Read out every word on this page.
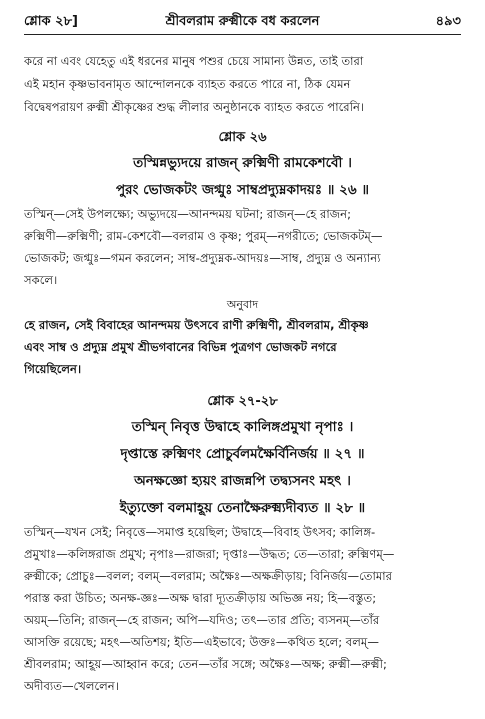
শ্লোক ২৮]	শ্রীবলরাম রুক্মীকে বধ করলেন	৪৯৩
করে না এবং যেহেতু এই ধরনের মানুষ পশুর চেয়ে সামান্য উন্নত, তাই তারা
এই মহান কৃষ্ণভাবনামৃত আন্দোলনকে ব্যাহত করতে পারে না, ঠিক যেমন
বিদ্বেষপরায়ণ রুক্মী শ্রীকৃষ্ণের শুদ্ধ লীলার অনুষ্ঠানকে ব্যাহত করতে পারেনি।
শ্লোক ২৬
তস্মিন্নভ্যুদয়ে রাজন্ রুক্মিণী রামকেশবৌ ।
পুরং ভোজকটং জগ্মুঃ সাম্বপ্রদ্যুম্নকাদয়ঃ ॥ ২৬ ॥
তস্মিন্—সেই উপলক্ষ্যে; অভ্যুদয়ে—আনন্দময় ঘটনা; রাজন্—হে রাজন;
রুক্মিণী—রুক্মিণী; রাম-কেশবৌ—বলরাম ও কৃষ্ণ; পুরম্—নগরীতে; ভোজকটম্—
ভোজকট; জগ্মুঃ—গমন করলেন; সাম্ব-প্রদ্যুম্নক-আদয়ঃ—সাম্ব, প্রদ্যুম্ন ও অন্যান্য
সকলে।
অনুবাদ
হে রাজন, সেই বিবাহের আনন্দময় উৎসবে রাণী রুক্মিণী, শ্রীবলরাম, শ্রীকৃষ্ণ
এবং সাম্ব ও প্রদ্যুম্ন প্রমুখ শ্রীভগবানের বিভিন্ন পুত্রগণ ভোজকট নগরে
গিয়েছিলেন।
শ্লোক ২৭-২৮
তস্মিন্ নিবৃত্ত উদ্বাহে কালিঙ্গপ্রমুখা নৃপাঃ ।
দৃপ্তাস্তে রুক্মিণং প্রোচুর্বলমক্ষৈর্বিনির্জয় ॥ ২৭ ॥
অনক্ষজ্ঞো হ্যয়ং রাজন্নপি তদ্ব্যসনং মহৎ ।
ইত্যুক্তো বলমাহূয় তেনাক্ষৈরুক্ম্যদীব্যত ॥ ২৮ ॥
তস্মিন্—যখন সেই; নিবৃত্তে—সমাপ্ত হয়েছিল; উদ্বাহে—বিবাহ উৎসব; কালিঙ্গ-
প্রমুখাঃ—কলিঙ্গরাজ প্রমুখ; নৃপাঃ—রাজরা; দৃপ্তাঃ—উদ্ধত; তে—তারা; রুক্মিণম্—
রুক্মীকে; প্রোচুঃ—বলল; বলম্—বলরাম; অক্ষৈঃ—অক্ষক্রীড়ায়; বিনির্জয়—তোমার
পরাস্ত করা উচিত; অনক্ষ-জ্ঞঃ—অক্ষ দ্বারা দ্যূতক্রীড়ায় অভিজ্ঞ নয়; হি—বস্তুত;
অয়ম্—তিনি; রাজন্—হে রাজন; অপি—যদিও; তৎ—তার প্রতি; ব্যসনম্—তাঁর
আসক্তি রয়েছে; মহৎ—অতিশয়; ইতি—এইভাবে; উক্তঃ—কথিত হলে; বলম্—
শ্রীবলরাম; আহূয়—আহ্বান করে; তেন—তাঁর সঙ্গে; অক্ষৈঃ—অক্ষ; রুক্মী—রুক্মী;
অদীব্যত—খেললেন।
